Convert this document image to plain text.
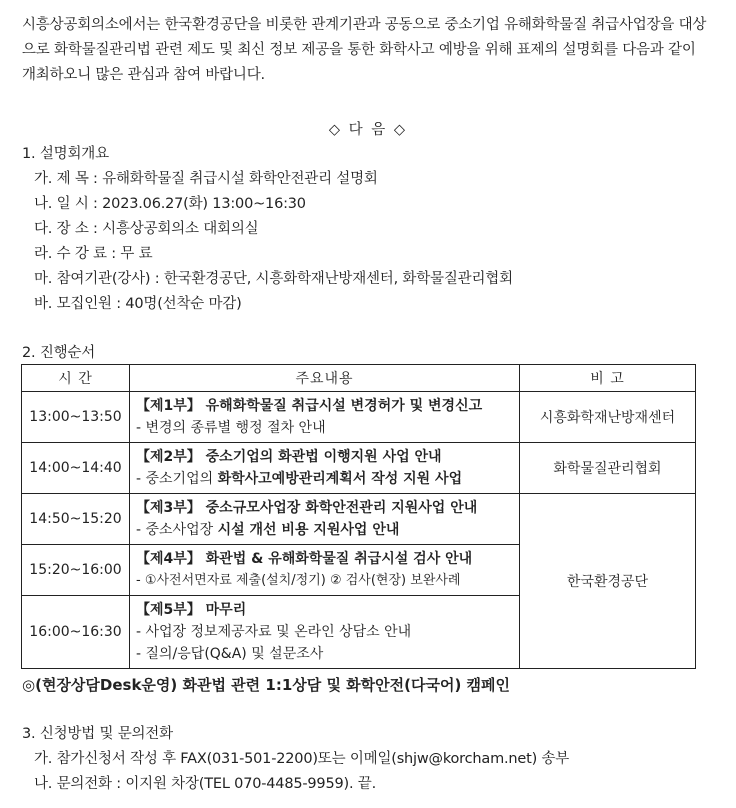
시흥상공회의소에서는 한국환경공단을 비롯한 관계기관과 공동으로 중소기업 유해화학물질 취급사업장을 대상으로 화학물질관리법 관련 제도 및 최신 정보 제공을 통한 화학사고 예방을 위해 표제의 설명회를 다음과 같이 개최하오니 많은 관심과 참여 바랍니다.
◇ 다 음 ◇
1. 설명회개요
가. 제 목 : 유해화학물질 취급시설 화학안전관리 설명회
나. 일 시 : 2023.06.27(화) 13:00~16:30
다. 장 소 : 시흥상공회의소 대회의실
라. 수 강 료 : 무 료
마. 참여기관(강사) : 한국환경공단, 시흥화학재난방재센터, 화학물질관리협회
바. 모집인원 : 40명(선착순 마감)
2. 진행순서
시 간	주요내용	비 고
13:00~13:50	【제1부】 유해화학물질 취급시설 변경허가 및 변경신고
- 변경의 종류별 행정 절차 안내	시흥화학재난방재센터
14:00~14:40	【제2부】 중소기업의 화관법 이행지원 사업 안내
- 중소기업의 화학사고예방관리계획서 작성 지원 사업	화학물질관리협회
14:50~15:20	【제3부】 중소규모사업장 화학안전관리 지원사업 안내
- 중소사업장 시설 개선 비용 지원사업 안내	한국환경공단
15:20~16:00	【제4부】 화관법 & 유해화학물질 취급시설 검사 안내
- ①사전서면자료 제출(설치/정기) ② 검사(현장) 보완사례	

16:00~16:30	【제5부】 마무리
- 사업장 정보제공자료 및 온라인 상담소 안내
- 질의/응답(Q&A) 및 설문조사	
◎(현장상담Desk운영) 화관법 관련 1:1상담 및 화학안전(다국어) 캠페인
3. 신청방법 및 문의전화
가. 참가신청서 작성 후 FAX(031-501-2200)또는 이메일(shjw@korcham.net) 송부
나. 문의전화 : 이지원 차장(TEL 070-4485-9959). 끝.
